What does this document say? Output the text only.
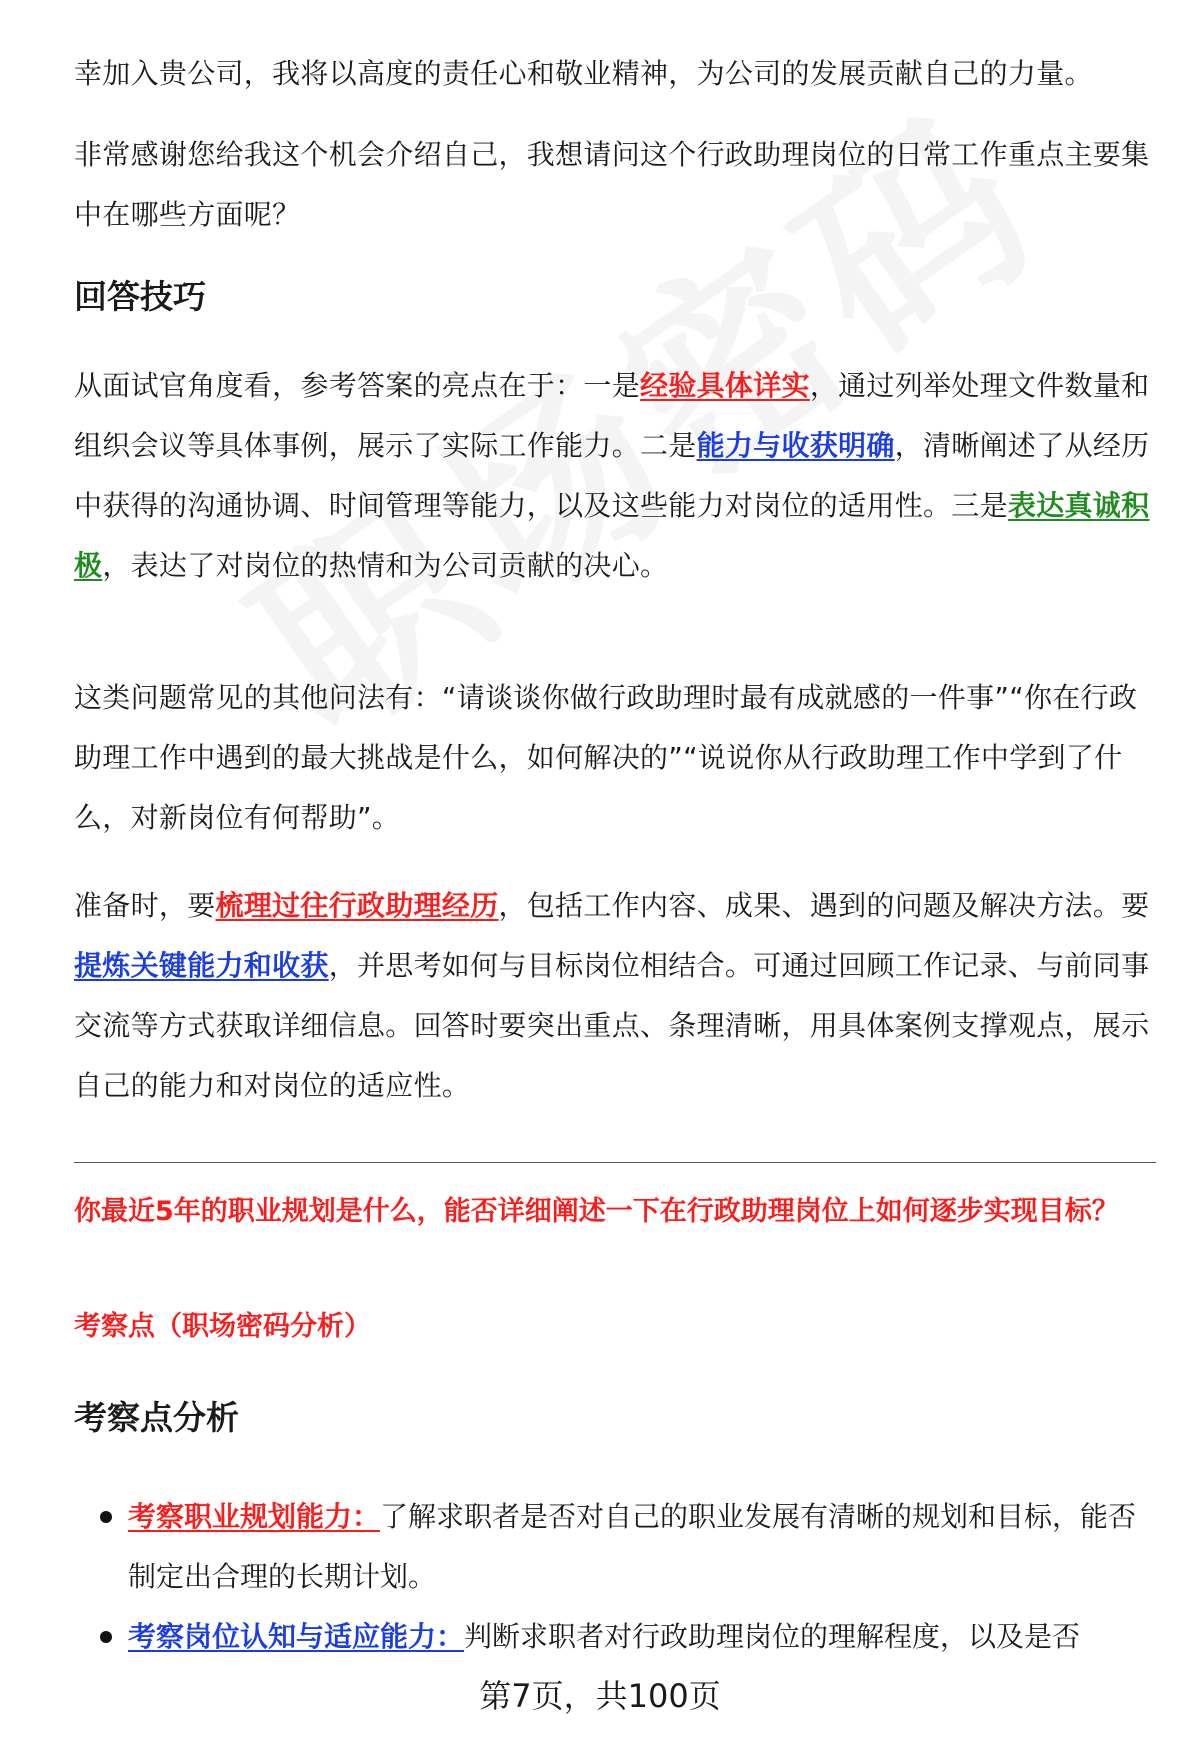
幸加入贵公司，我将以高度的责任心和敬业精神，为公司的发展贡献自己的力量。

非常感谢您给我这个机会介绍自己，我想请问这个行政助理岗位的日常工作重点主要集中在哪些方面呢？

回答技巧

从面试官角度看，参考答案的亮点在于：一是经验具体详实，通过列举处理文件数量和组织会议等具体事例，展示了实际工作能力。二是能力与收获明确，清晰阐述了从经历中获得的沟通协调、时间管理等能力，以及这些能力对岗位的适用性。三是表达真诚积极，表达了对岗位的热情和为公司贡献的决心。

这类问题常见的其他问法有：“请谈谈你做行政助理时最有成就感的一件事”“你在行政助理工作中遇到的最大挑战是什么，如何解决的”“说说你从行政助理工作中学到了什么，对新岗位有何帮助”。

准备时，要梳理过往行政助理经历，包括工作内容、成果、遇到的问题及解决方法。要提炼关键能力和收获，并思考如何与目标岗位相结合。可通过回顾工作记录、与前同事交流等方式获取详细信息。回答时要突出重点、条理清晰，用具体案例支撑观点，展示自己的能力和对岗位的适应性。

你最近5年的职业规划是什么，能否详细阐述一下在行政助理岗位上如何逐步实现目标？

考察点（职场密码分析）

考察点分析
考察职业规划能力：了解求职者是否对自己的职业发展有清晰的规划和目标，能否制定出合理的长期计划。
考察岗位认知与适应能力：判断求职者对行政助理岗位的理解程度，以及是否
第7页，共100页
